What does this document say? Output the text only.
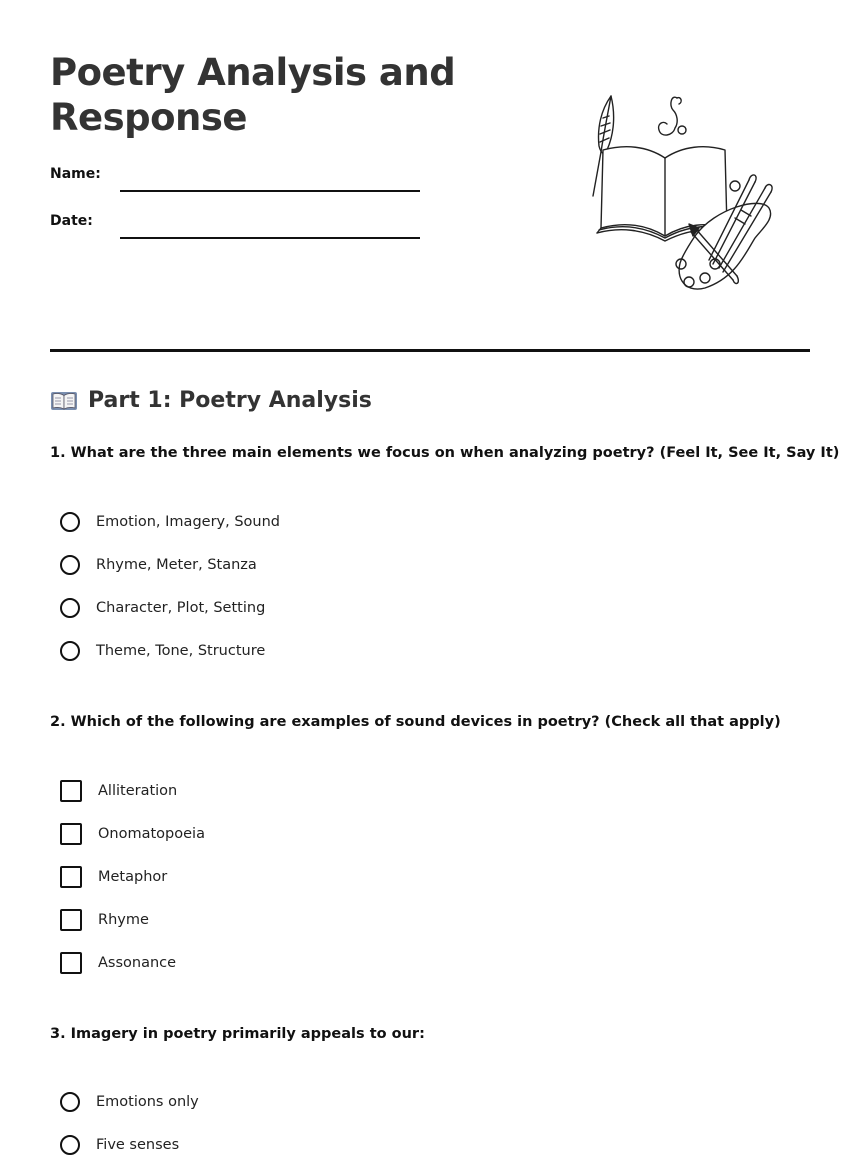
Poetry Analysis and Response
Name:
Date:
Part 1: Poetry Analysis

1. What are the three main elements we focus on when analyzing poetry? (Feel It, See It, Say It)

Emotion, Imagery, Sound
Rhyme, Meter, Stanza
Character, Plot, Setting
Theme, Tone, Structure

2. Which of the following are examples of sound devices in poetry? (Check all that apply)

Alliteration
Onomatopoeia
Metaphor
Rhyme
Assonance

3. Imagery in poetry primarily appeals to our:

Emotions only
Five senses
